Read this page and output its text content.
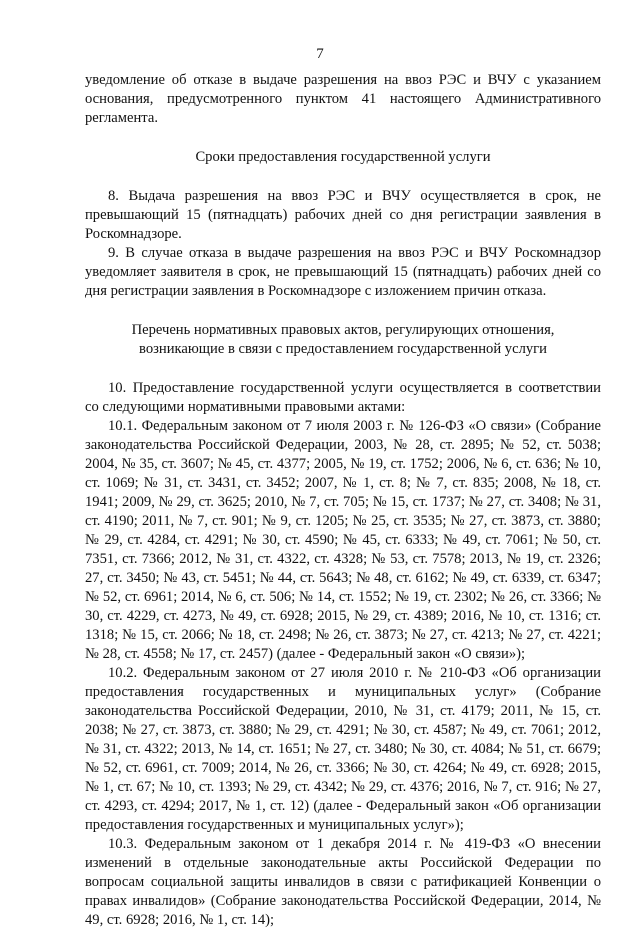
7

уведомление об отказе в выдаче разрешения на ввоз РЭС и ВЧУ с указанием основания, предусмотренного пунктом 41 настоящего Административного регламента.

Сроки предоставления государственной услуги

8. Выдача разрешения на ввоз РЭС и ВЧУ осуществляется в срок, не превышающий 15 (пятнадцать) рабочих дней со дня регистрации заявления в Роскомнадзоре.

9. В случае отказа в выдаче разрешения на ввоз РЭС и ВЧУ Роскомнадзор уведомляет заявителя в срок, не превышающий 15 (пятнадцать) рабочих дней со дня регистрации заявления в Роскомнадзоре с изложением причин отказа.

Перечень нормативных правовых актов, регулирующих отношения,

возникающие в связи с предоставлением государственной услуги

10. Предоставление государственной услуги осуществляется в соответствии со следующими нормативными правовыми актами:

10.1. Федеральным законом от 7 июля 2003 г. № 126-ФЗ «О связи» (Собрание законодательства Российской Федерации, 2003, № 28, ст. 2895; № 52, ст. 5038; 2004, № 35, ст. 3607; № 45, ст. 4377; 2005, № 19, ст. 1752; 2006, № 6, ст. 636; № 10, ст. 1069; № 31, ст. 3431, ст. 3452; 2007, № 1, ст. 8; № 7, ст. 835; 2008, № 18, ст. 1941; 2009, № 29, ст. 3625; 2010, № 7, ст. 705; № 15, ст. 1737; № 27, ст. 3408; № 31, ст. 4190; 2011, № 7, ст. 901; № 9, ст. 1205; № 25, ст. 3535; № 27, ст. 3873, ст. 3880; № 29, ст. 4284, ст. 4291; № 30, ст. 4590; № 45, ст. 6333; № 49, ст. 7061; № 50, ст. 7351, ст. 7366; 2012, № 31, ст. 4322, ст. 4328; № 53, ст. 7578; 2013, № 19, ст. 2326; 27, ст. 3450; № 43, ст. 5451; № 44, ст. 5643; № 48, ст. 6162; № 49, ст. 6339, ст. 6347; № 52, ст. 6961; 2014, № 6, ст. 506; № 14, ст. 1552; № 19, ст. 2302; № 26, ст. 3366; № 30, ст. 4229, ст. 4273, № 49, ст. 6928; 2015, № 29, ст. 4389; 2016, № 10, ст. 1316; ст. 1318; № 15, ст. 2066; № 18, ст. 2498; № 26, ст. 3873; № 27, ст. 4213; № 27, ст. 4221; № 28, ст. 4558; № 17, ст. 2457) (далее - Федеральный закон «О связи»);

10.2. Федеральным законом от 27 июля 2010 г. № 210-ФЗ «Об организации предоставления государственных и муниципальных услуг» (Собрание законодательства Российской Федерации, 2010, № 31, ст. 4179; 2011, № 15, ст. 2038; № 27, ст. 3873, ст. 3880; № 29, ст. 4291; № 30, ст. 4587; № 49, ст. 7061; 2012, № 31, ст. 4322; 2013, № 14, ст. 1651; № 27, ст. 3480; № 30, ст. 4084; № 51, ст. 6679; № 52, ст. 6961, ст. 7009; 2014, № 26, ст. 3366; № 30, ст. 4264; № 49, ст. 6928; 2015, № 1, ст. 67; № 10, ст. 1393; № 29, ст. 4342; № 29, ст. 4376; 2016, № 7, ст. 916; № 27, ст. 4293, ст. 4294; 2017, № 1, ст. 12) (далее - Федеральный закон «Об организации предоставления государственных и муниципальных услуг»);

10.3. Федеральным законом от 1 декабря 2014 г. № 419-ФЗ «О внесении изменений в отдельные законодательные акты Российской Федерации по вопросам социальной защиты инвалидов в связи с ратификацией Конвенции о правах инвалидов» (Собрание законодательства Российской Федерации, 2014, № 49, ст. 6928; 2016, № 1, ст. 14);
